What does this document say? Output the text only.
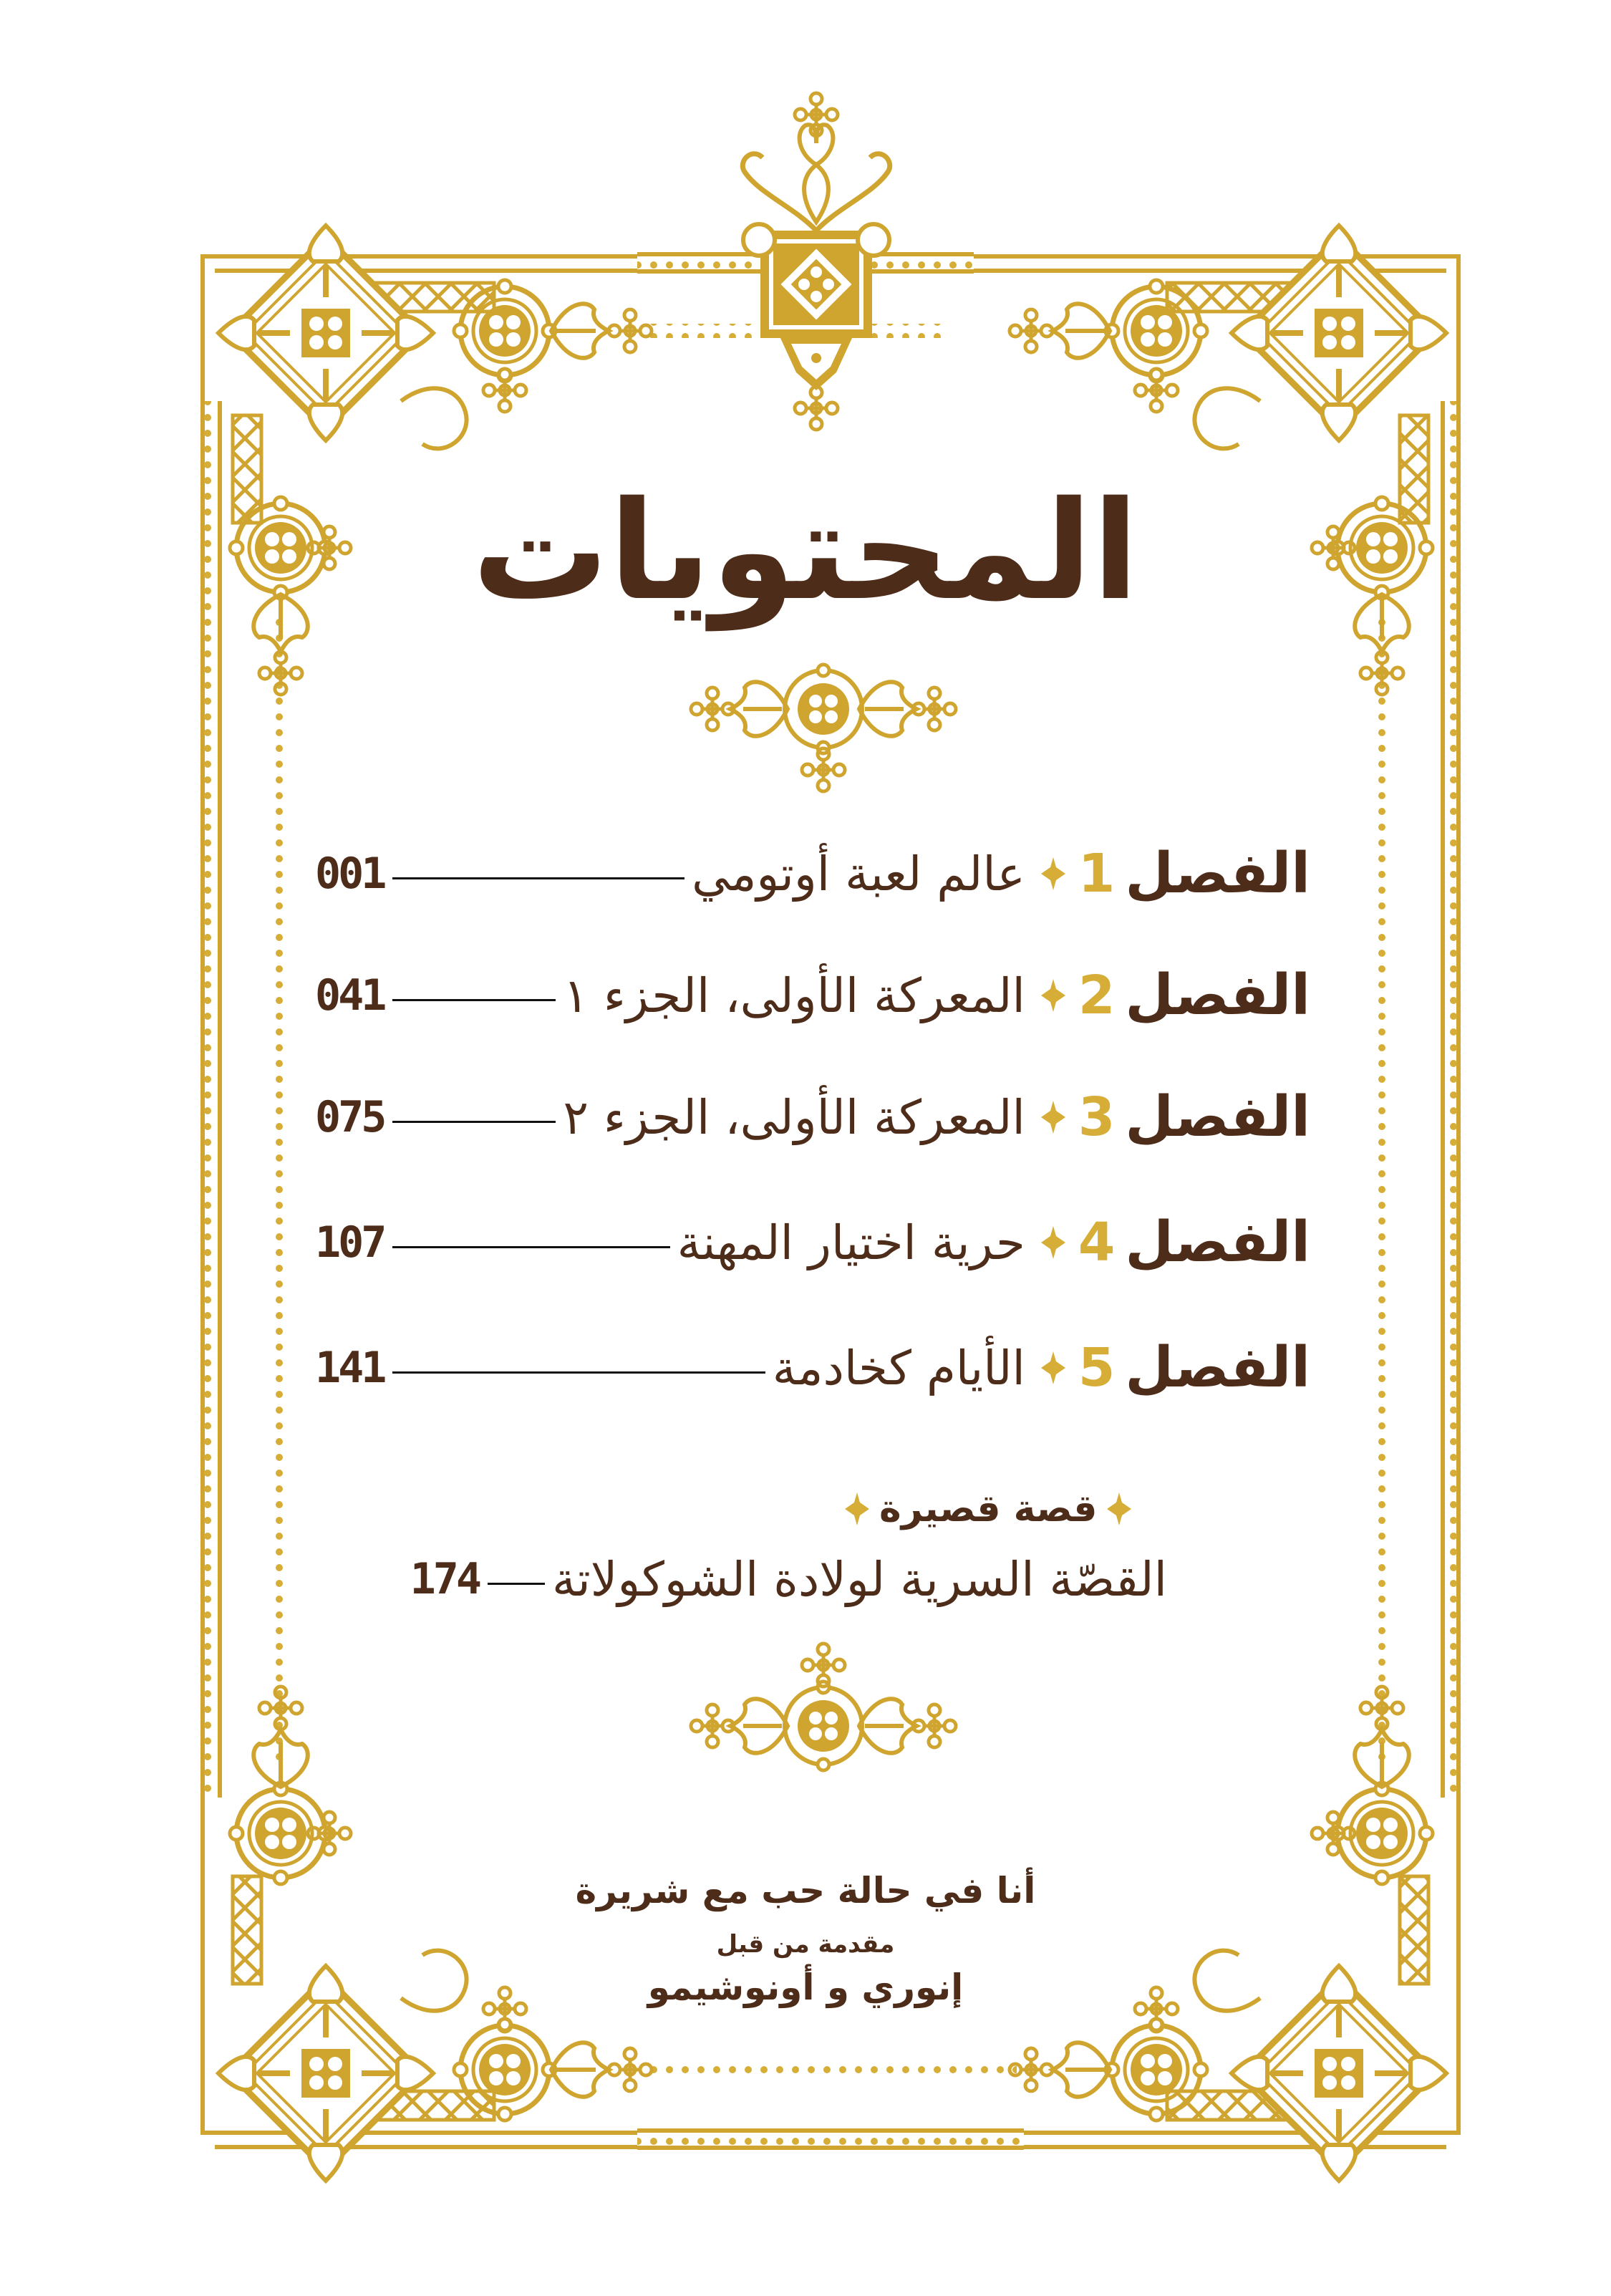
المحتويات
الفصل
1
عالم لعبة أوتومي
001
الفصل
2
المعركة الأولى، الجزء ١
041
الفصل
3
المعركة الأولى، الجزء ٢
075
الفصل
4
حرية اختيار المهنة
107
الفصل
5
الأيام كخادمة
141
قصة قصيرة
القصّة السرية لولادة الشوكولاتة
174
أنا في حالة حب مع شريرة
مقدمة من قبل
إنوري و أونوشيمو
